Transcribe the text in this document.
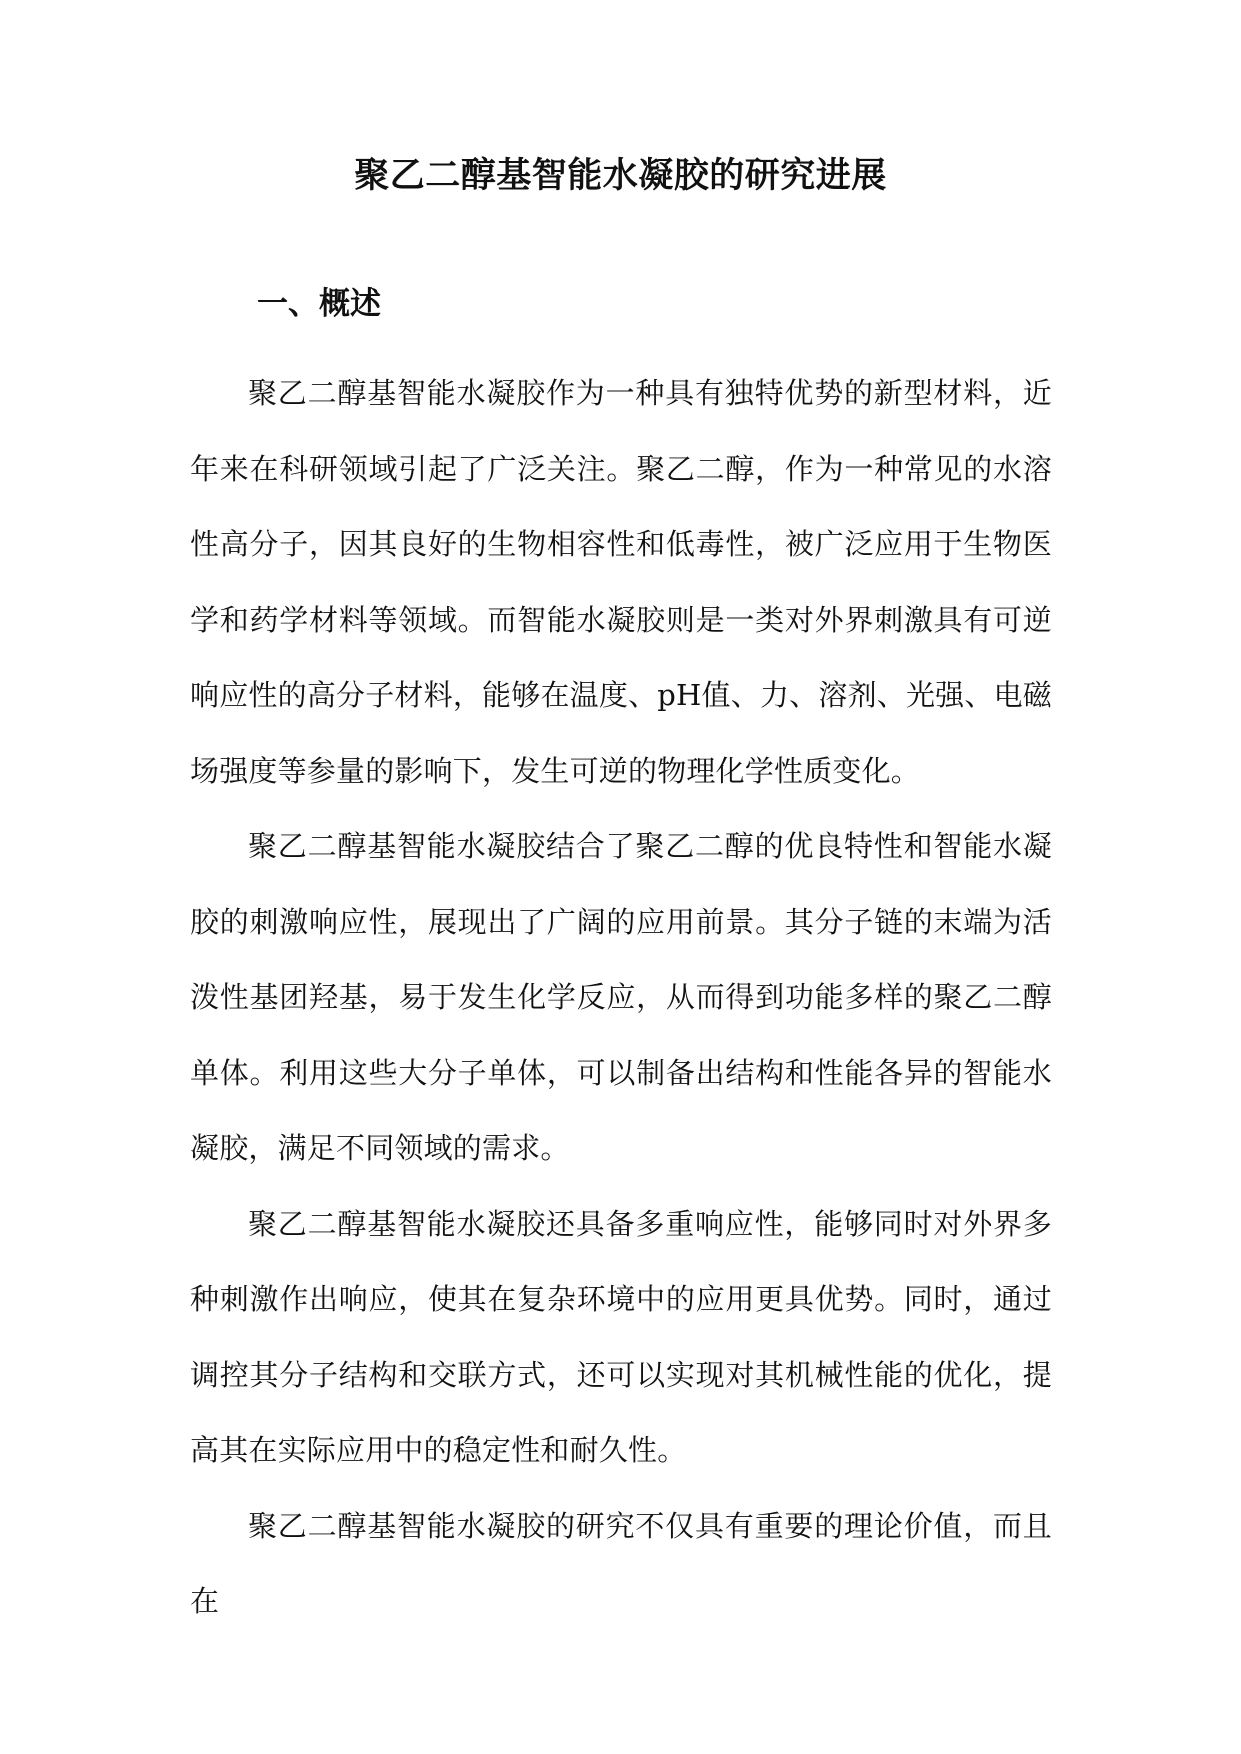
聚乙二醇基智能水凝胶的研究进展
一、概述

聚乙二醇基智能水凝胶作为一种具有独特优势的新型材料，近年来在科研领域引起了广泛关注。聚乙二醇，作为一种常见的水溶性高分子，因其良好的生物相容性和低毒性，被广泛应用于生物医学和药学材料等领域。而智能水凝胶则是一类对外界刺激具有可逆响应性的高分子材料，能够在温度、pH值、力、溶剂、光强、电磁场强度等参量的影响下，发生可逆的物理化学性质变化。

聚乙二醇基智能水凝胶结合了聚乙二醇的优良特性和智能水凝胶的刺激响应性，展现出了广阔的应用前景。其分子链的末端为活泼性基团羟基，易于发生化学反应，从而得到功能多样的聚乙二醇单体。利用这些大分子单体，可以制备出结构和性能各异的智能水凝胶，满足不同领域的需求。

聚乙二醇基智能水凝胶还具备多重响应性，能够同时对外界多种刺激作出响应，使其在复杂环境中的应用更具优势。同时，通过调控其分子结构和交联方式，还可以实现对其机械性能的优化，提高其在实际应用中的稳定性和耐久性。

聚乙二醇基智能水凝胶的研究不仅具有重要的理论价值，而且在
